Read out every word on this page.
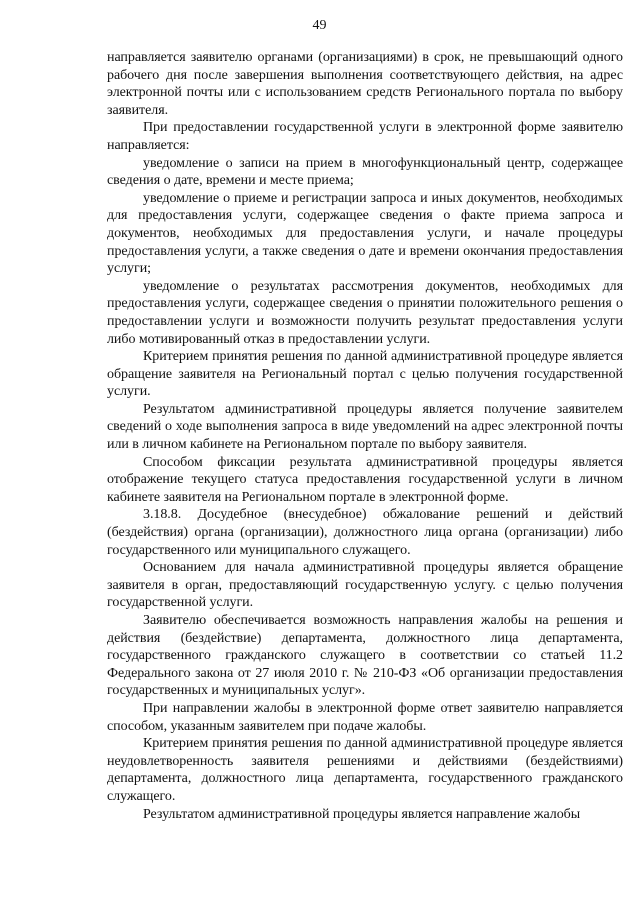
49

направляется заявителю органами (организациями) в срок, не превышающий одного рабочего дня после завершения выполнения соответствующего действия, на адрес электронной почты или с использованием средств Регионального портала по выбору заявителя.

При предоставлении государственной услуги в электронной форме заявителю направляется:

уведомление о записи на прием в многофункциональный центр, содержащее сведения о дате, времени и месте приема;

уведомление о приеме и регистрации запроса и иных документов, необходимых для предоставления услуги, содержащее сведения о факте приема запроса и документов, необходимых для предоставления услуги, и начале процедуры предоставления услуги, а также сведения о дате и времени окончания предоставления услуги;

уведомление о результатах рассмотрения документов, необходимых для предоставления услуги, содержащее сведения о принятии положительного решения о предоставлении услуги и возможности получить результат предоставления услуги либо мотивированный отказ в предоставлении услуги.

Критерием принятия решения по данной административной процедуре является обращение заявителя на Региональный портал с целью получения государственной услуги.

Результатом административной процедуры является получение заявителем сведений о ходе выполнения запроса в виде уведомлений на адрес электронной почты или в личном кабинете на Региональном портале по выбору заявителя.

Способом фиксации результата административной процедуры является отображение текущего статуса предоставления государственной услуги в личном кабинете заявителя на Региональном портале в электронной форме.

3.18.8. Досудебное (внесудебное) обжалование решений и действий (бездействия) органа (организации), должностного лица органа (организации) либо государственного или муниципального служащего.

Основанием для начала административной процедуры является обращение заявителя в орган, предоставляющий государственную услугу. с целью получения государственной услуги.

Заявителю обеспечивается возможность направления жалобы на решения и действия (бездействие) департамента, должностного лица департамента, государственного гражданского служащего в соответствии со статьей 11.2 Федерального закона от 27 июля 2010 г. № 210-ФЗ «Об организации предоставления государственных и муниципальных услуг».

При направлении жалобы в электронной форме ответ заявителю направляется способом, указанным заявителем при подаче жалобы.

Критерием принятия решения по данной административной процедуре является неудовлетворенность заявителя решениями и действиями (бездействиями) департамента, должностного лица департамента, государственного гражданского служащего.

Результатом административной процедуры является направление жалобы
